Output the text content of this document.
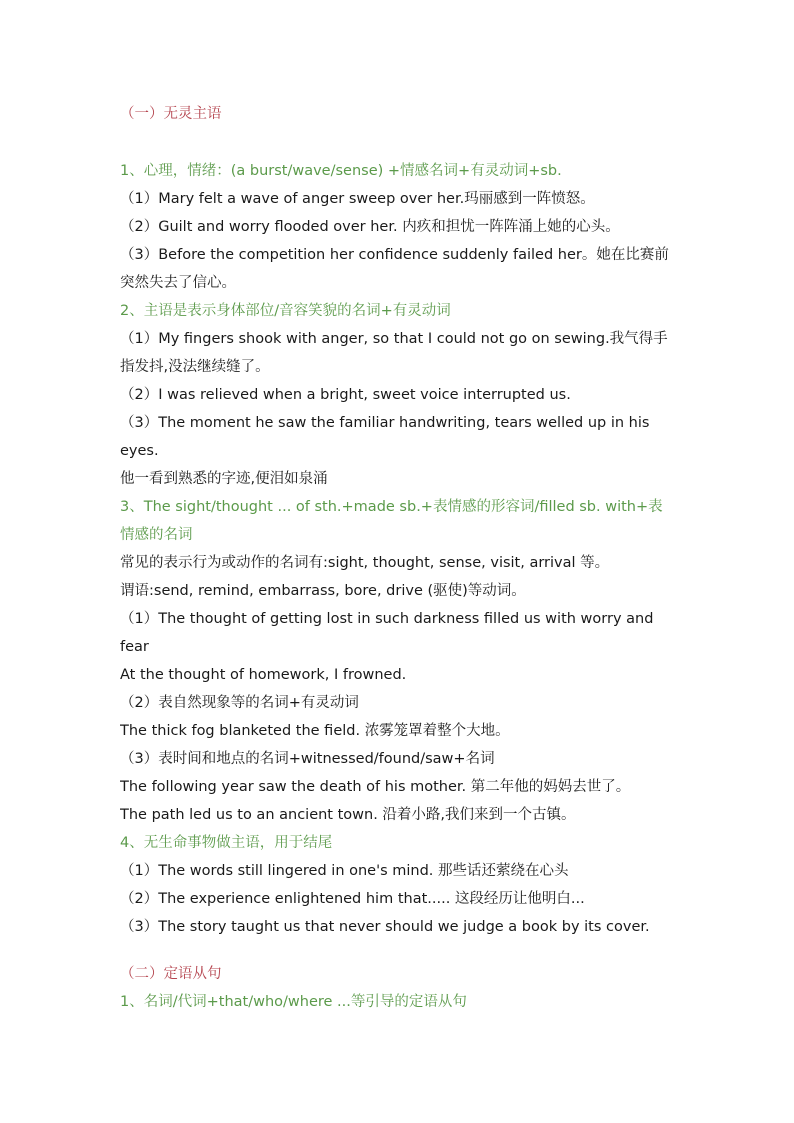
（一）无灵主语
1、心理，情绪：(a burst/wave/sense) +情感名词+有灵动词+sb.
（1）Mary felt a wave of anger sweep over her.玛丽感到一阵愤怒。
（2）Guilt and worry flooded over her. 内疚和担忧一阵阵涌上她的心头。
（3）Before the competition her confidence suddenly failed her。她在比赛前
突然失去了信心。
2、主语是表示身体部位/音容笑貌的名词+有灵动词
（1）My fingers shook with anger, so that I could not go on sewing.我气得手
指发抖,没法继续缝了。
（2）I was relieved when a bright, sweet voice interrupted us.
（3）The moment he saw the familiar handwriting, tears welled up in his
eyes.
他一看到熟悉的字迹,便泪如泉涌
3、The sight/thought ... of sth.+made sb.+表情感的形容词/filled sb. with+表
情感的名词
常见的表示行为或动作的名词有:sight, thought, sense, visit, arrival 等。
谓语:send, remind, embarrass, bore, drive (驱使)等动词。
（1）The thought of getting lost in such darkness filled us with worry and
fear
At the thought of homework, I frowned.
（2）表自然现象等的名词+有灵动词
The thick fog blanketed the field. 浓雾笼罩着整个大地。
（3）表时间和地点的名词+witnessed/found/saw+名词
The following year saw the death of his mother. 第二年他的妈妈去世了。
The path led us to an ancient town. 沿着小路,我们来到一个古镇。
4、无生命事物做主语，用于结尾
（1）The words still lingered in one's mind. 那些话还萦绕在心头
（2）The experience enlightened him that..... 这段经历让他明白...
（3）The story taught us that never should we judge a book by its cover.
（二）定语从句
1、名词/代词+that/who/where ...等引导的定语从句
